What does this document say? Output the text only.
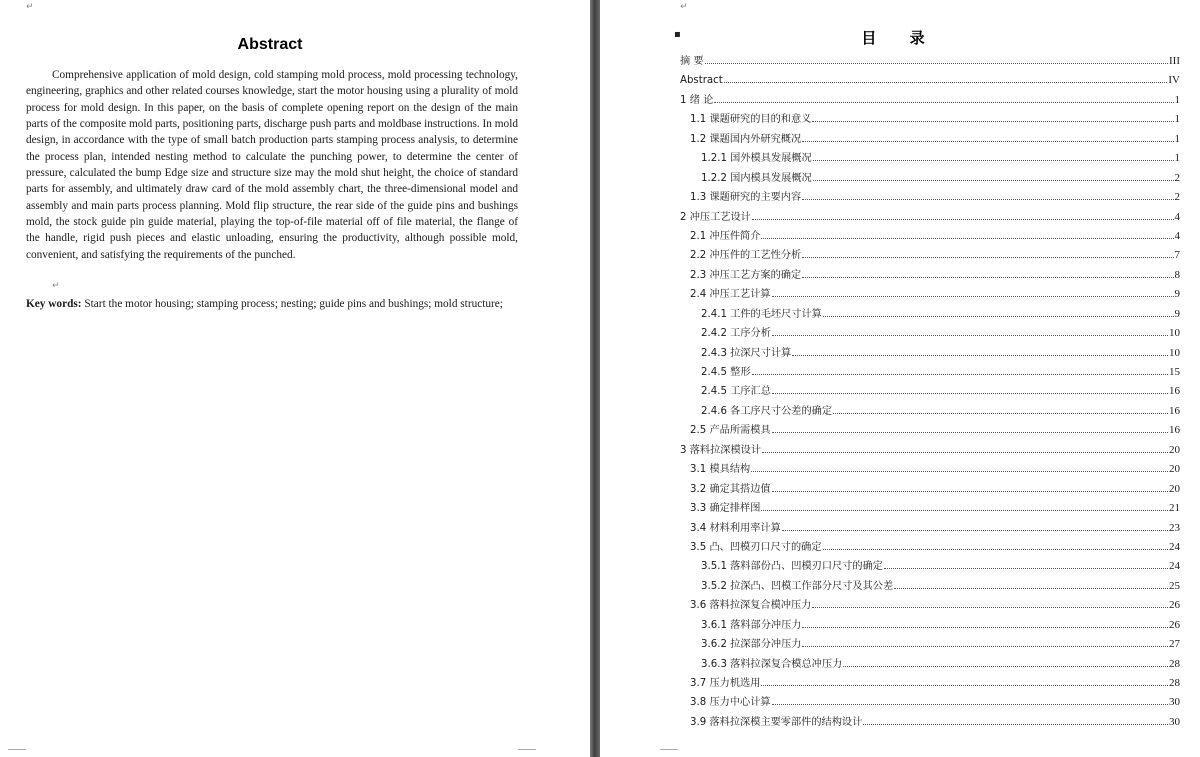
↵
Abstract

Comprehensive application of mold design, cold stamping mold process, mold processing technology, engineering, graphics and other related courses knowledge, start the motor housing using a plurality of mold process for mold design. In this paper, on the basis of complete opening report on the design of the main parts of the composite mold parts, positioning parts, discharge push parts and moldbase instructions. In mold design, in accordance with the type of small batch production parts stamping process analysis, to determine the process plan, intended nesting method to calculate the punching power, to determine the center of pressure, calculated the bump Edge size and structure size may the mold shut height, the choice of standard parts for assembly, and ultimately draw card of the mold assembly chart, the three-dimensional model and assembly and main parts process planning. Mold flip structure, the rear side of the guide pins and bushings mold, the stock guide pin guide material, playing the top-of-file material off of file material, the flange of the handle, rigid push pieces and elastic unloading, ensuring the productivity, although possible mold, convenient, and satisfying the requirements of the punched.

↵

Key words: Start the motor housing; stamping process; nesting; guide pins and bushings; mold structure;

↵
▪	目 录
摘 要	III
Abstract	IV
1 绪 论	1
1.1 课题研究的目的和意义	1
1.2 课题国内外研究概况	1
1.2.1 国外模具发展概况	1
1.2.2 国内模具发展概况	2
1.3 课题研究的主要内容	2
2 冲压工艺设计	4
2.1 冲压件简介	4
2.2 冲压件的工艺性分析	7
2.3 冲压工艺方案的确定	8
2.4 冲压工艺计算	9
2.4.1 工件的毛坯尺寸计算	9
2.4.2 工序分析	10
2.4.3 拉深尺寸计算	10
2.4.5 整形	15
2.4.5 工序汇总	16
2.4.6 各工序尺寸公差的确定	16
2.5 产品所需模具	16
3 落料拉深模设计	20
3.1 模具结构	20
3.2 确定其搭边值	20
3.3 确定排样图	21
3.4 材料利用率计算	23
3.5 凸、凹模刃口尺寸的确定	24
3.5.1 落料部份凸、凹模刃口尺寸的确定	24
3.5.2 拉深凸、凹模工作部分尺寸及其公差	25
3.6 落料拉深复合模冲压力	26
3.6.1 落料部分冲压力	26
3.6.2 拉深部分冲压力	27
3.6.3 落料拉深复合模总冲压力	28
3.7 压力机选用	28
3.8 压力中心计算	30
3.9 落料拉深模主要零部件的结构设计	30
